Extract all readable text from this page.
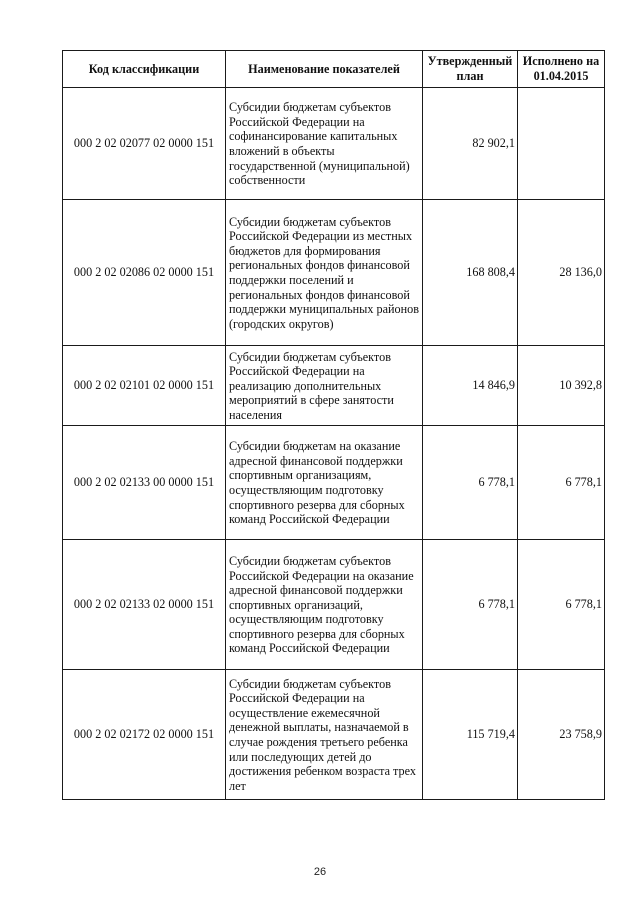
Код классификации	Наименование показателей	Утвержденный план	Исполнено на 01.04.2015
000 2 02 02077 02 0000 151	Субсидии бюджетам субъектов Российской Федерации на софинансирование капитальных вложений в объекты государственной (муниципальной) собственности	82 902,1	
000 2 02 02086 02 0000 151	Субсидии бюджетам субъектов Российской Федерации из местных бюджетов для формирования региональных фондов финансовой поддержки поселений и региональных фондов финансовой поддержки муниципальных районов (городских округов)	168 808,4	28 136,0
000 2 02 02101 02 0000 151	Субсидии бюджетам субъектов Российской Федерации на реализацию дополнительных мероприятий в сфере занятости населения	14 846,9	10 392,8
000 2 02 02133 00 0000 151	Субсидии бюджетам на оказание адресной финансовой поддержки спортивным организациям, осуществляющим подготовку спортивного резерва для сборных команд Российской Федерации	6 778,1	6 778,1
000 2 02 02133 02 0000 151	Субсидии бюджетам субъектов Российской Федерации на оказание адресной финансовой поддержки спортивных организаций, осуществляющим подготовку спортивного резерва для сборных команд Российской Федерации	6 778,1	6 778,1
000 2 02 02172 02 0000 151	Субсидии бюджетам субъектов Российской Федерации на осуществление ежемесячной денежной выплаты, назначаемой в случае рождения третьего ребенка или последующих детей до достижения ребенком возраста трех лет	115 719,4	23 758,9
26
